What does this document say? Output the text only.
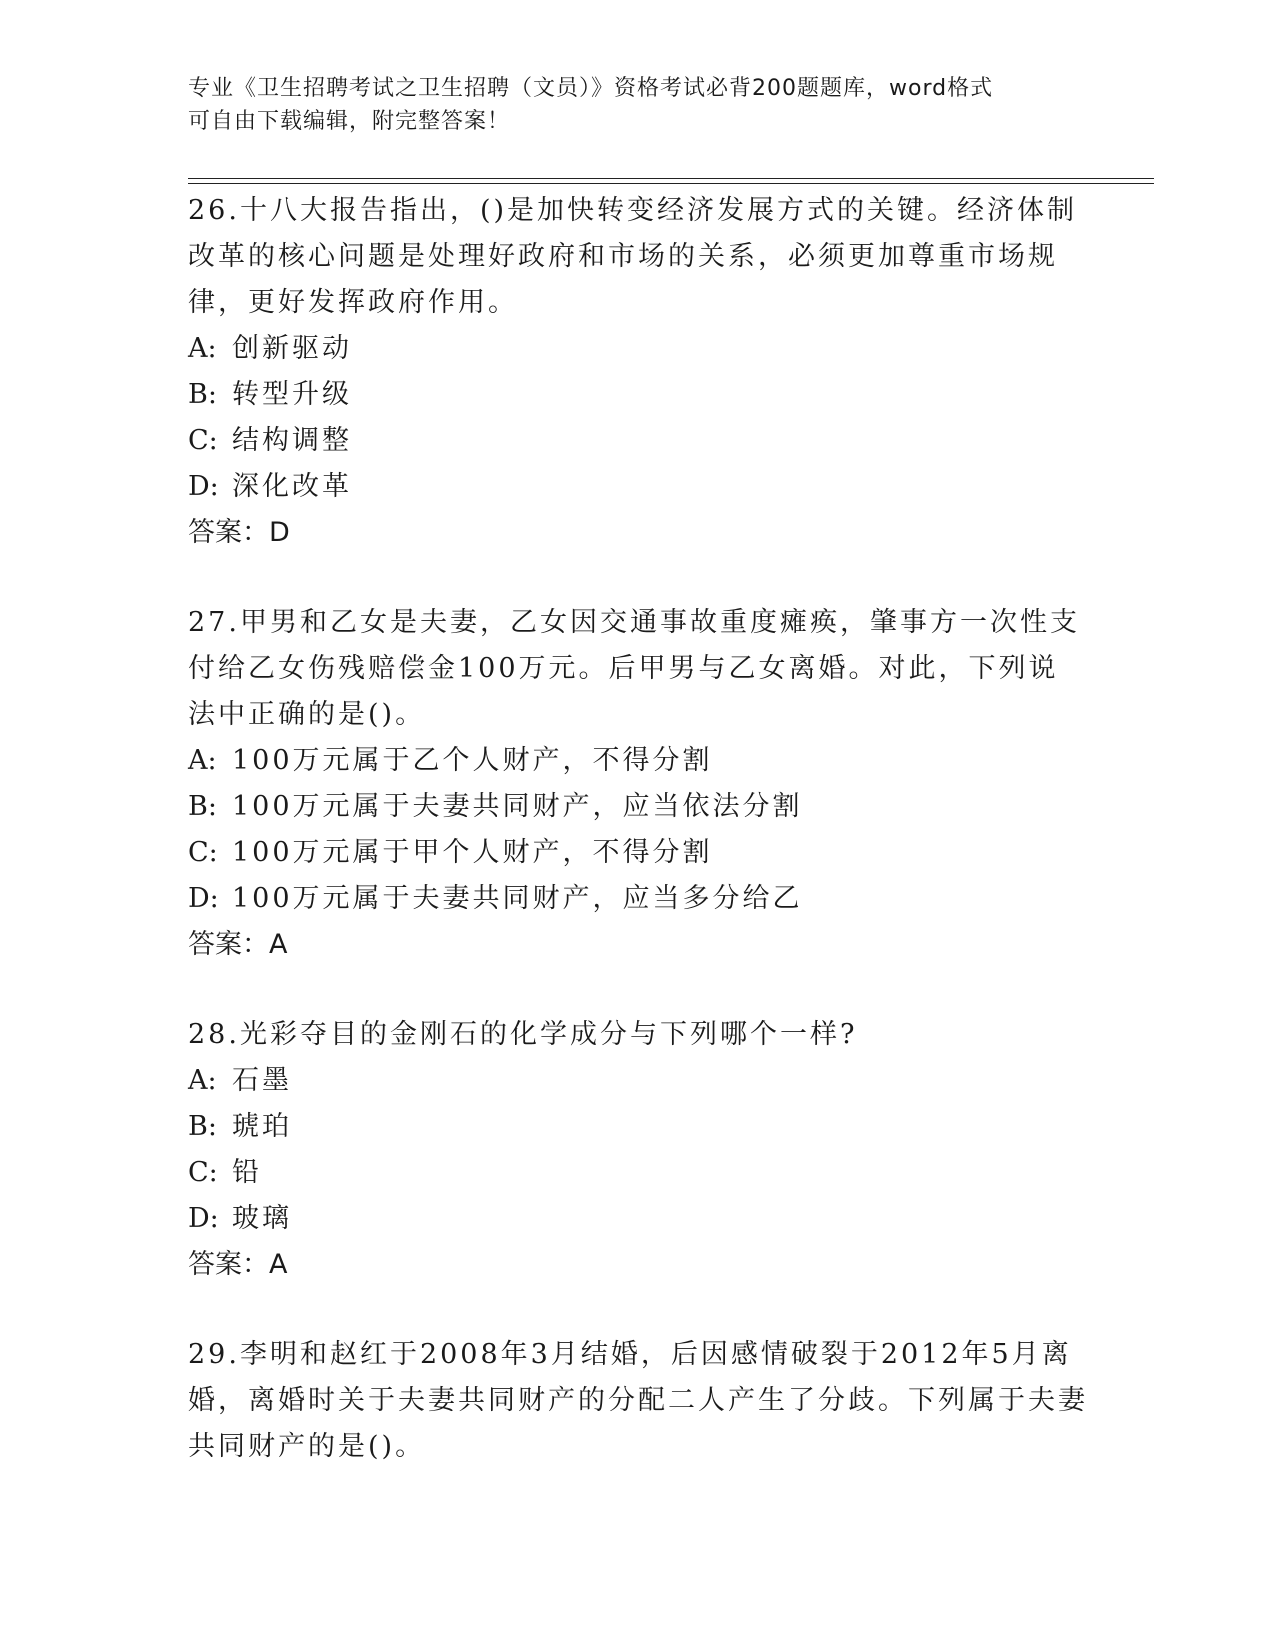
专业《卫生招聘考试之卫生招聘（文员）》资格考试必背200题题库，word格式
可自由下载编辑，附完整答案！

26.十八大报告指出，()是加快转变经济发展方式的关键。经济体制改革的核心问题是处理好政府和市场的关系，必须更加尊重市场规律，更好发挥政府作用。

A: 创新驱动

B: 转型升级

C: 结构调整

D: 深化改革

答案：D

27.甲男和乙女是夫妻，乙女因交通事故重度瘫痪，肇事方一次性支付给乙女伤残赔偿金100万元。后甲男与乙女离婚。对此，下列说法中正确的是()。

A: 100万元属于乙个人财产，不得分割

B: 100万元属于夫妻共同财产，应当依法分割

C: 100万元属于甲个人财产，不得分割

D: 100万元属于夫妻共同财产，应当多分给乙

答案：A

28.光彩夺目的金刚石的化学成分与下列哪个一样?

A: 石墨

B: 琥珀

C: 铅

D: 玻璃

答案：A

29.李明和赵红于2008年3月结婚，后因感情破裂于2012年5月离婚，离婚时关于夫妻共同财产的分配二人产生了分歧。下列属于夫妻共同财产的是()。
